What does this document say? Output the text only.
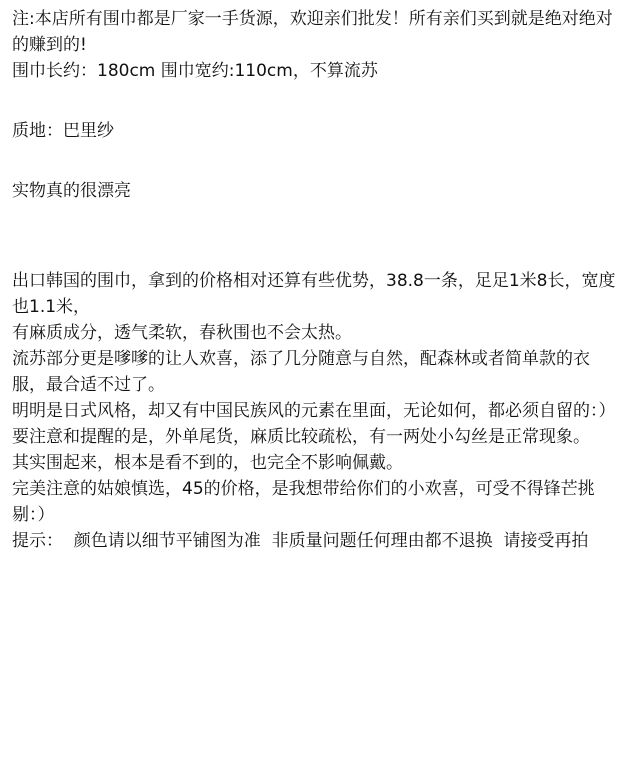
注:本店所有围巾都是厂家一手货源，欢迎亲们批发！所有亲们买到就是绝对绝对的赚到的!

围巾长约：180cm 围巾宽约:110cm，不算流苏

质地：巴里纱

实物真的很漂亮

出口韩国的围巾，拿到的价格相对还算有些优势，38.8一条，足足1米8长，宽度也1.1米，

有麻质成分，透气柔软，春秋围也不会太热。

流苏部分更是嗲嗲的让人欢喜，添了几分随意与自然，配森林或者简单款的衣服，最合适不过了。

明明是日式风格，却又有中国民族风的元素在里面，无论如何，都必须自留的：）

要注意和提醒的是，外单尾货，麻质比较疏松，有一两处小勾丝是正常现象。

其实围起来，根本是看不到的，也完全不影响佩戴。

完美注意的姑娘慎选，45的价格，是我想带给你们的小欢喜，可受不得锋芒挑剔：）

提示：  颜色请以细节平铺图为准  非质量问题任何理由都不退换  请接受再拍
